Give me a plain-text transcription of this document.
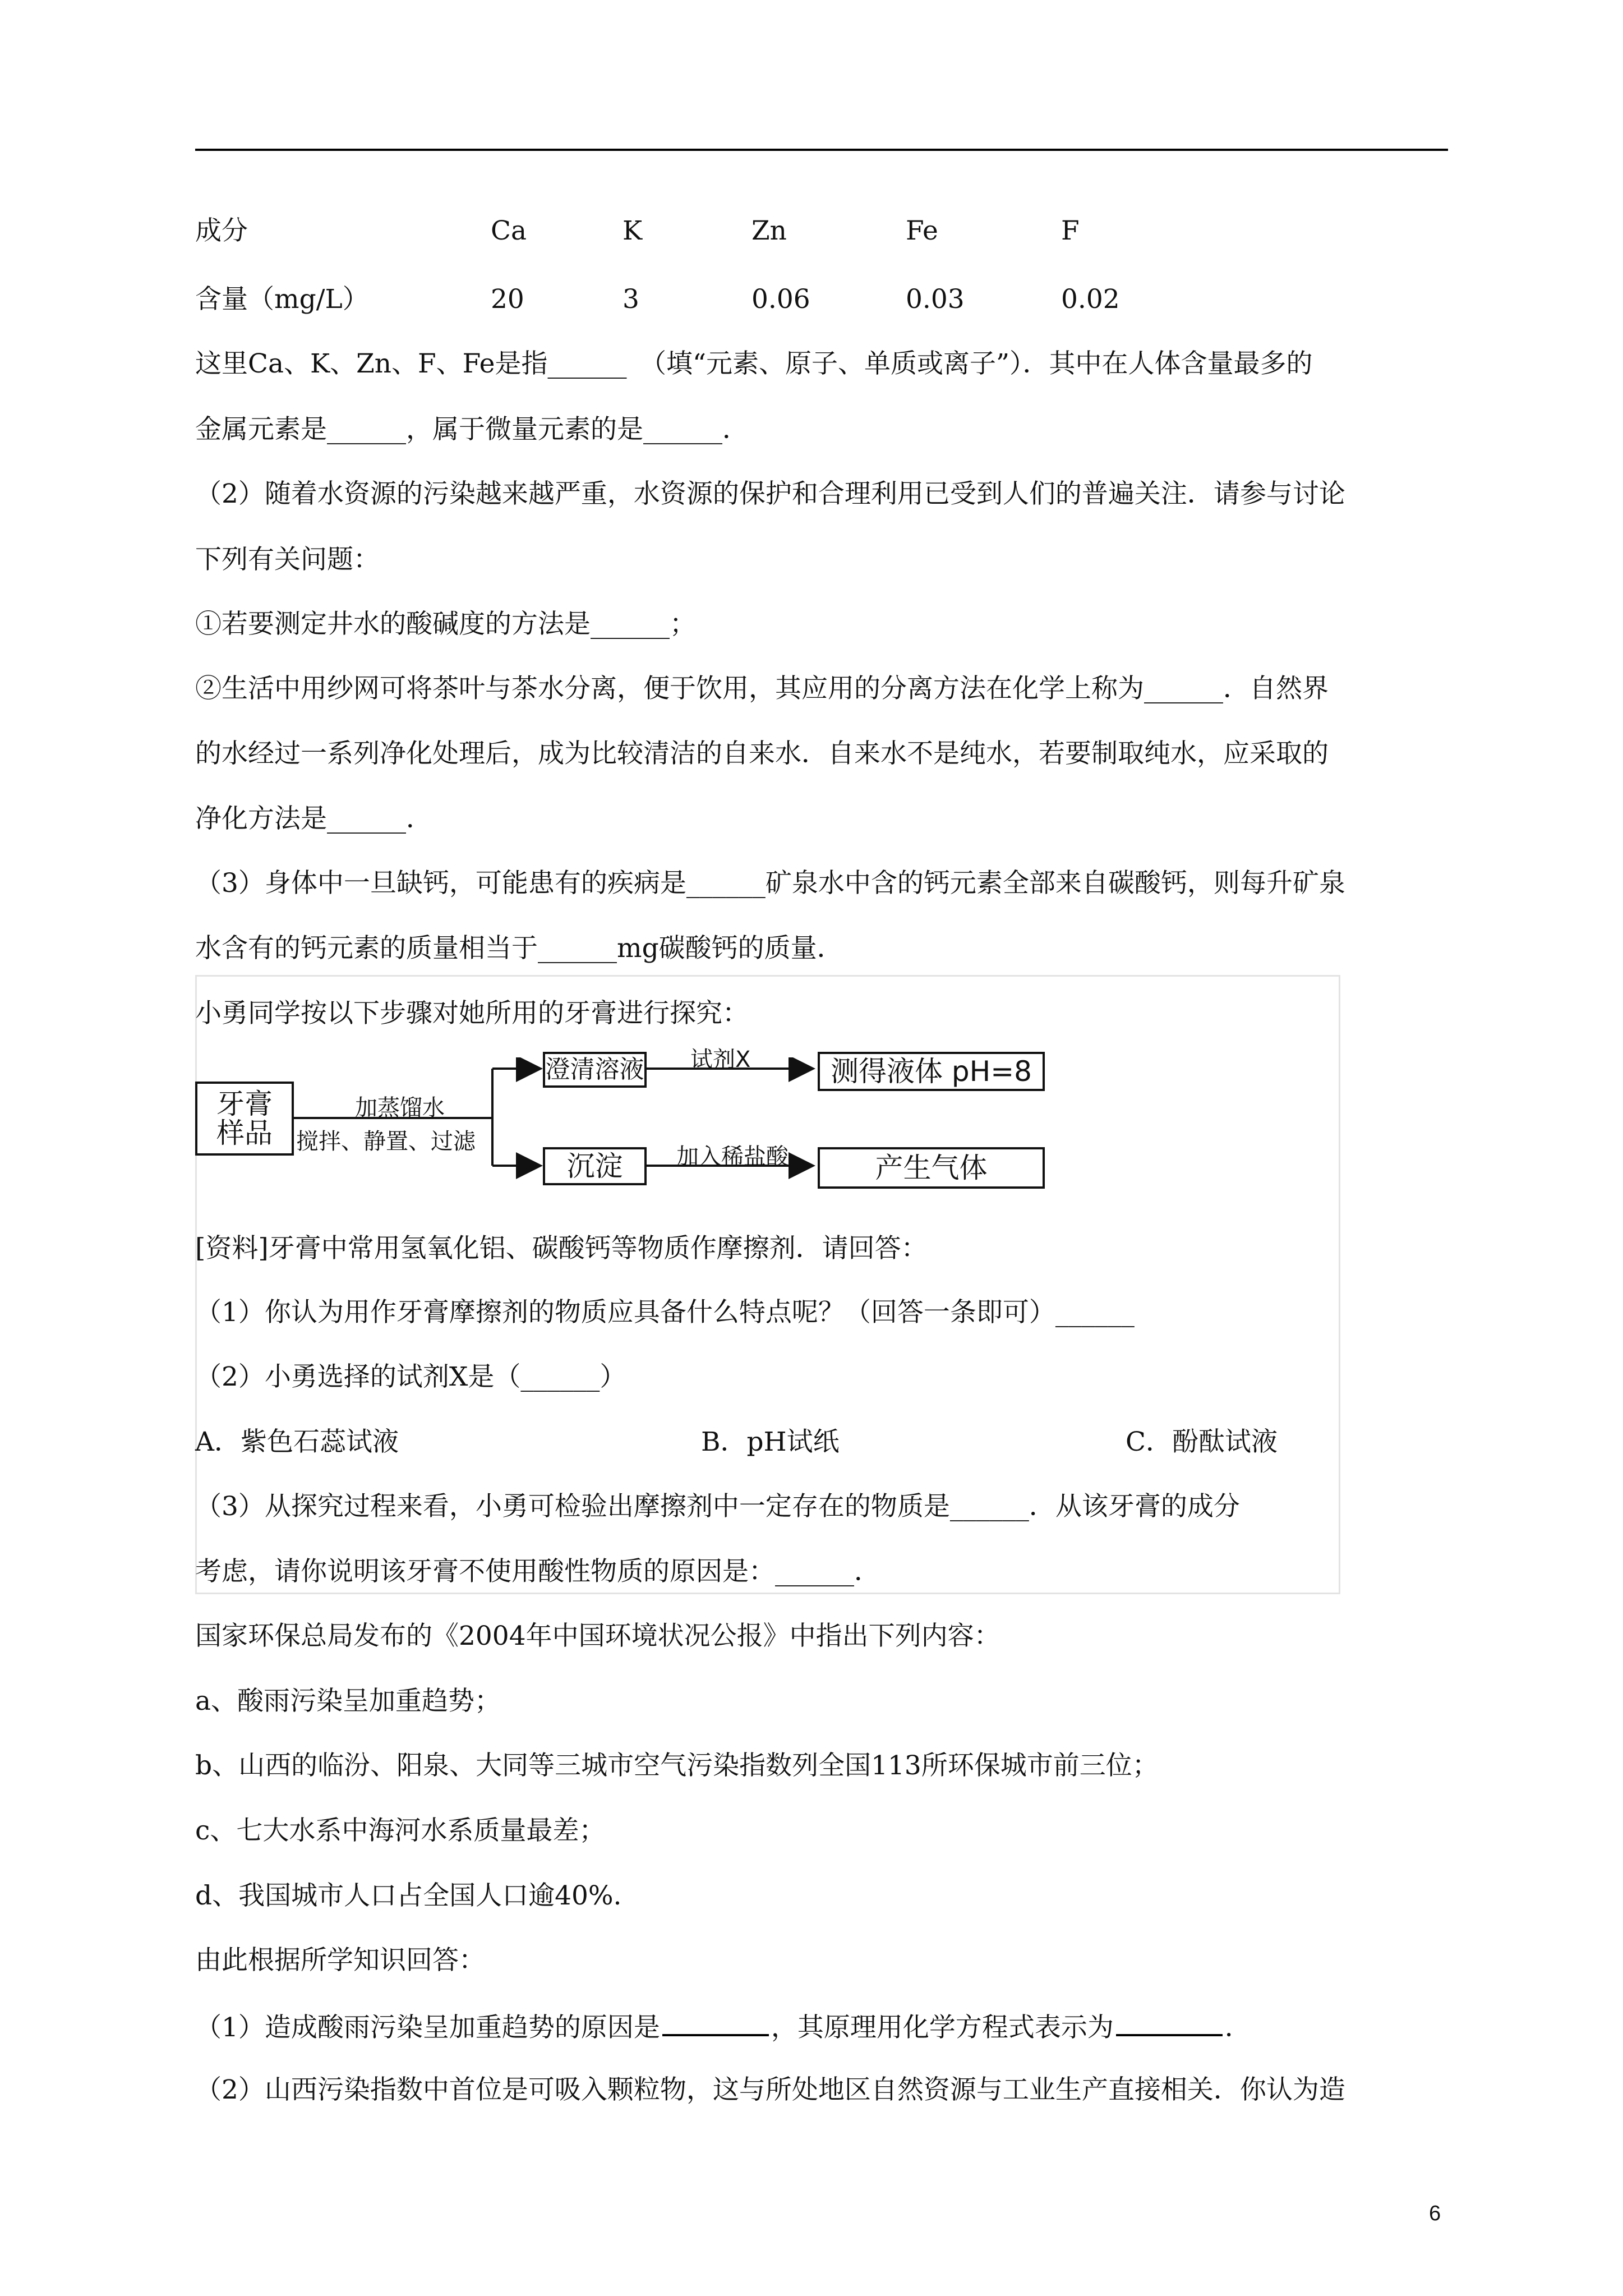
成分	Ca	K	Zn	Fe	F
含量（mg/L）	20	3	0.06	0.03	0.02
这里Ca、K、Zn、F、Fe是指______　（填“元素、原子、单质或离子”）．其中在人体含量最多的
金属元素是______，属于微量元素的是______．
（2）随着水资源的污染越来越严重，水资源的保护和合理利用已受到人们的普遍关注．请参与讨论
下列有关问题：
①若要测定井水的酸碱度的方法是______；
②生活中用纱网可将茶叶与茶水分离，便于饮用，其应用的分离方法在化学上称为______．自然界
的水经过一系列净化处理后，成为比较清洁的自来水．自来水不是纯水，若要制取纯水，应采取的
净化方法是______．
（3）身体中一旦缺钙，可能患有的疾病是______矿泉水中含的钙元素全部来自碳酸钙，则每升矿泉
水含有的钙元素的质量相当于______mg碳酸钙的质量．
小勇同学按以下步骤对她所用的牙膏进行探究：
牙膏
样品
加蒸馏水
搅拌、静置、过滤
澄清溶液 试剂X	测得液体 pH=8
沉淀	加入稀盐酸	产生气体
[资料]牙膏中常用氢氧化铝、碳酸钙等物质作摩擦剂．请回答：
（1）你认为用作牙膏摩擦剂的物质应具备什么特点呢？（回答一条即可）______
（2）小勇选择的试剂X是（______）
A．紫色石蕊试液	B．pH试纸	C．酚酞试液
（3）从探究过程来看，小勇可检验出摩擦剂中一定存在的物质是______．从该牙膏的成分
考虑，请你说明该牙膏不使用酸性物质的原因是：______．
国家环保总局发布的《2004年中国环境状况公报》中指出下列内容：
a、酸雨污染呈加重趋势；
b、山西的临汾、阳泉、大同等三城市空气污染指数列全国113所环保城市前三位；
c、七大水系中海河水系质量最差；
d、我国城市人口占全国人口逾40%.
由此根据所学知识回答：
（1）造成酸雨污染呈加重趋势的原因是	，其原理用化学方程式表示为	．
（2）山西污染指数中首位是可吸入颗粒物，这与所处地区自然资源与工业生产直接相关．你认为造
6
